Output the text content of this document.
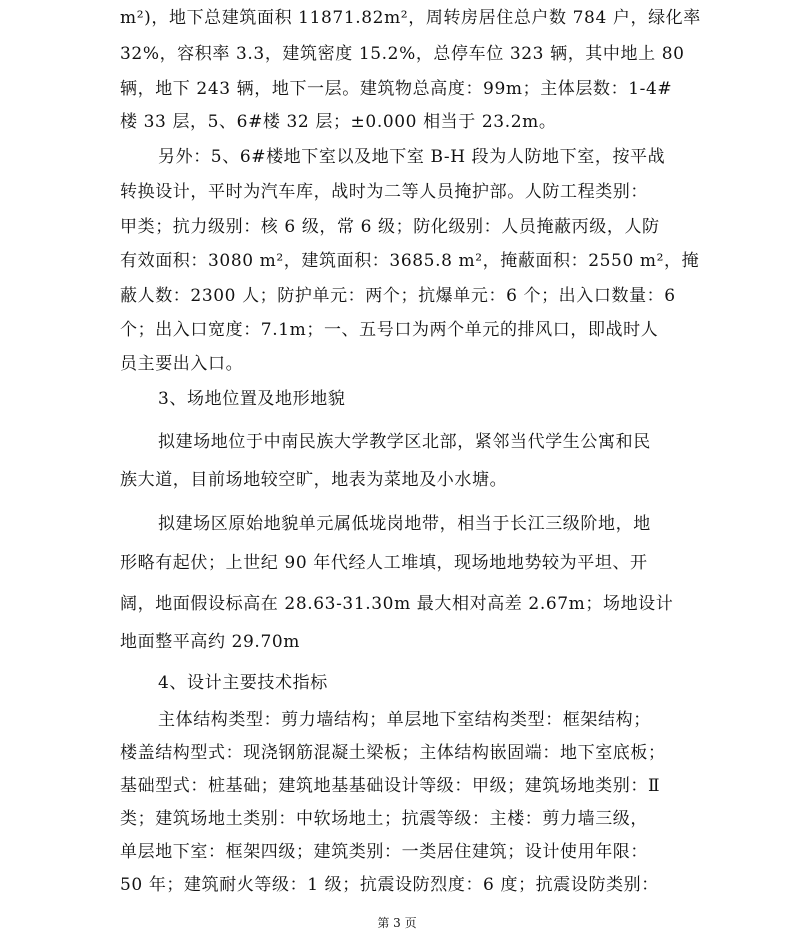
m²)，地下总建筑面积 11871.82m²，周转房居住总户数 784 户，绿化率
32%，容积率 3.3，建筑密度 15.2%，总停车位 323 辆，其中地上 80
辆，地下 243 辆，地下一层。建筑物总高度：99m；主体层数：1-4#
楼 33 层，5、6#楼 32 层；±0.000 相当于 23.2m。
另外：5、6#楼地下室以及地下室 B-H 段为人防地下室，按平战
转换设计，平时为汽车库，战时为二等人员掩护部。人防工程类别：
甲类；抗力级别：核 6 级，常 6 级；防化级别：人员掩蔽丙级，人防
有效面积：3080 m²，建筑面积：3685.8 m²，掩蔽面积：2550 m²，掩
蔽人数：2300 人；防护单元：两个；抗爆单元：6 个；出入口数量：6
个；出入口宽度：7.1m；一、五号口为两个单元的排风口，即战时人
员主要出入口。
3、场地位置及地形地貌
拟建场地位于中南民族大学教学区北部，紧邻当代学生公寓和民
族大道，目前场地较空旷，地表为菜地及小水塘。
拟建场区原始地貌单元属低垅岗地带，相当于长江三级阶地，地
形略有起伏；上世纪 90 年代经人工堆填，现场地地势较为平坦、开
阔，地面假设标高在 28.63-31.30m 最大相对高差 2.67m；场地设计
地面整平高约 29.70m
4、设计主要技术指标
主体结构类型：剪力墙结构；单层地下室结构类型：框架结构；
楼盖结构型式：现浇钢筋混凝土梁板；主体结构嵌固端：地下室底板；
基础型式：桩基础；建筑地基基础设计等级：甲级；建筑场地类别：Ⅱ
类；建筑场地土类别：中软场地土；抗震等级：主楼：剪力墙三级，
单层地下室：框架四级；建筑类别：一类居住建筑；设计使用年限：
50 年；建筑耐火等级：1 级；抗震设防烈度：6 度；抗震设防类别：
第 3 页
